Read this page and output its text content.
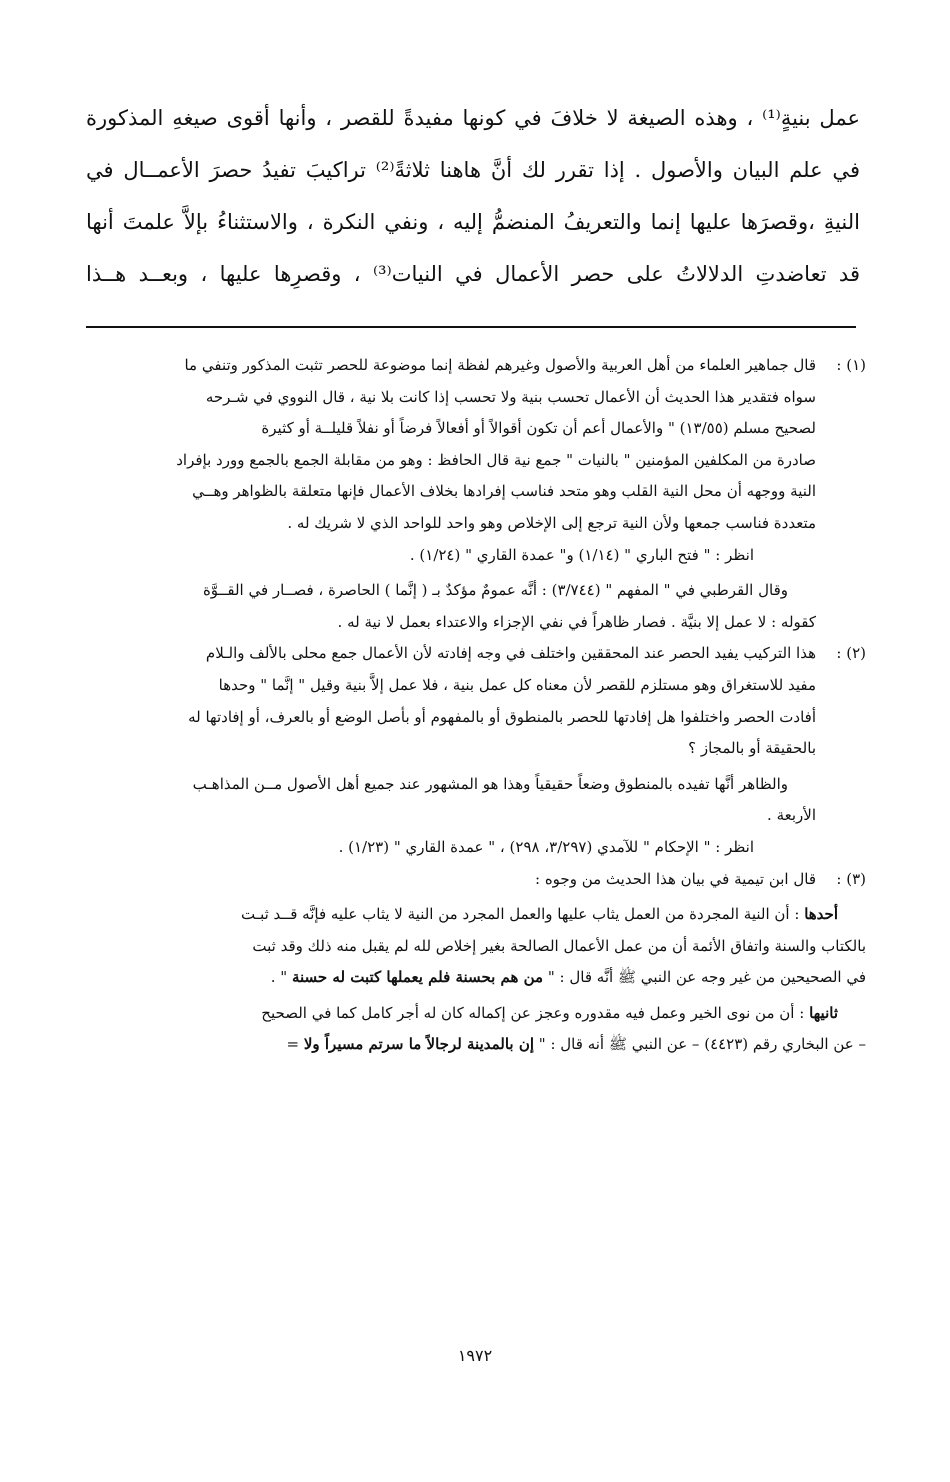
عمل بنيةٍ⁽¹⁾ ، وهذه الصيغة لا خلافَ في كونها مفيدةً للقصر ، وأنها أقوى صيغهِ المذكورة

في علم البيان والأصول . إذا تقرر لك أنَّ هاهنا ثلاثةً⁽²⁾ تراكيبَ تفيدُ حصرَ الأعمــال في

النيةِ ،وقصرَها عليها إنما والتعريفُ المنضمُّ إليه ، ونفي النكرة ، والاستثناءُ بإلاَّ علمتَ أنها

قد تعاضدتِ الدلالاتُ على حصر الأعمال في النيات⁽³⁾ ، وقصرِها عليها ، وبعــد هــذا

(١) :

قال جماهير العلماء من أهل العربية والأصول وغيرهم لفظة إنما موضوعة للحصر تثبت المذكور وتنفي ما

سواه فتقدير هذا الحديث أن الأعمال تحسب بنية ولا تحسب إذا كانت بلا نية ، قال النووي في شـرحه

لصحيح مسلم (١٣/٥٥) " والأعمال أعم أن تكون أقوالاً أو أفعالاً فرضاً أو نفلاً قليلــة أو كثيرة

صادرة من المكلفين المؤمنين " بالنيات " جمع نية قال الحافظ : وهو من مقابلة الجمع بالجمع وورد بإفراد

النية ووجهه أن محل النية القلب وهو متحد فناسب إفرادها بخلاف الأعمال فإنها متعلقة بالظواهر وهــي

متعددة فناسب جمعها ولأن النية ترجع إلى الإخلاص وهو واحد للواحد الذي لا شريك له .

انظر : " فتح الباري " (١/١٤) و" عمدة القاري " (١/٢٤) .

وقال القرطبي في " المفهم " (٣/٧٤٤) : أنَّه عمومٌ مؤكدٌ بـ ( إنَّما ) الحاصرة ، فصــار في القــوَّة

كقوله : لا عمل إلا بنيَّة . فصار ظاهراً في نفي الإجزاء والاعتداء بعمل لا نية له .

(٢) :

هذا التركيب يفيد الحصر عند المحققين واختلف في وجه إفادته لأن الأعمال جمع محلى بالألف والـلام

مفيد للاستغراق وهو مستلزم للقصر لأن معناه كل عمل بنية ، فلا عمل إلاَّ بنية وقيل " إنَّما " وحدها

أفادت الحصر واختلفوا هل إفادتها للحصر بالمنطوق أو بالمفهوم أو بأصل الوضع أو بالعرف، أو إفادتها له

بالحقيقة أو بالمجاز ؟

والظاهر أنَّها تفيده بالمنطوق وضعاً حقيقياً وهذا هو المشهور عند جميع أهل الأصول مــن المذاهـب

الأربعة .

انظر : " الإحكام " للآمدي (٣/٢٩٧، ٢٩٨) ، " عمدة القاري " (١/٢٣) .

(٣) :

قال ابن تيمية في بيان هذا الحديث من وجوه :

أحدها : أن النية المجردة من العمل يثاب عليها والعمل المجرد من النية لا يثاب عليه فإنَّه قــد ثبـت

بالكتاب والسنة واتفاق الأئمة أن من عمل الأعمال الصالحة بغير إخلاص لله لم يقبل منه ذلك وقد ثبت

في الصحيحين من غير وجه عن النبي ﷺ أنَّه قال : " من هم بحسنة فلم يعملها كتبت له حسنة " .

ثانيها : أن من نوى الخير وعمل فيه مقدوره وعجز عن إكماله كان له أجر كامل كما في الصحيح

– عن البخاري رقم (٤٤٢٣) – عن النبي ﷺ أنه قال : " إن بالمدينة لرجالاً ما سرتم مسيراً ولا =

١٩٧٢
